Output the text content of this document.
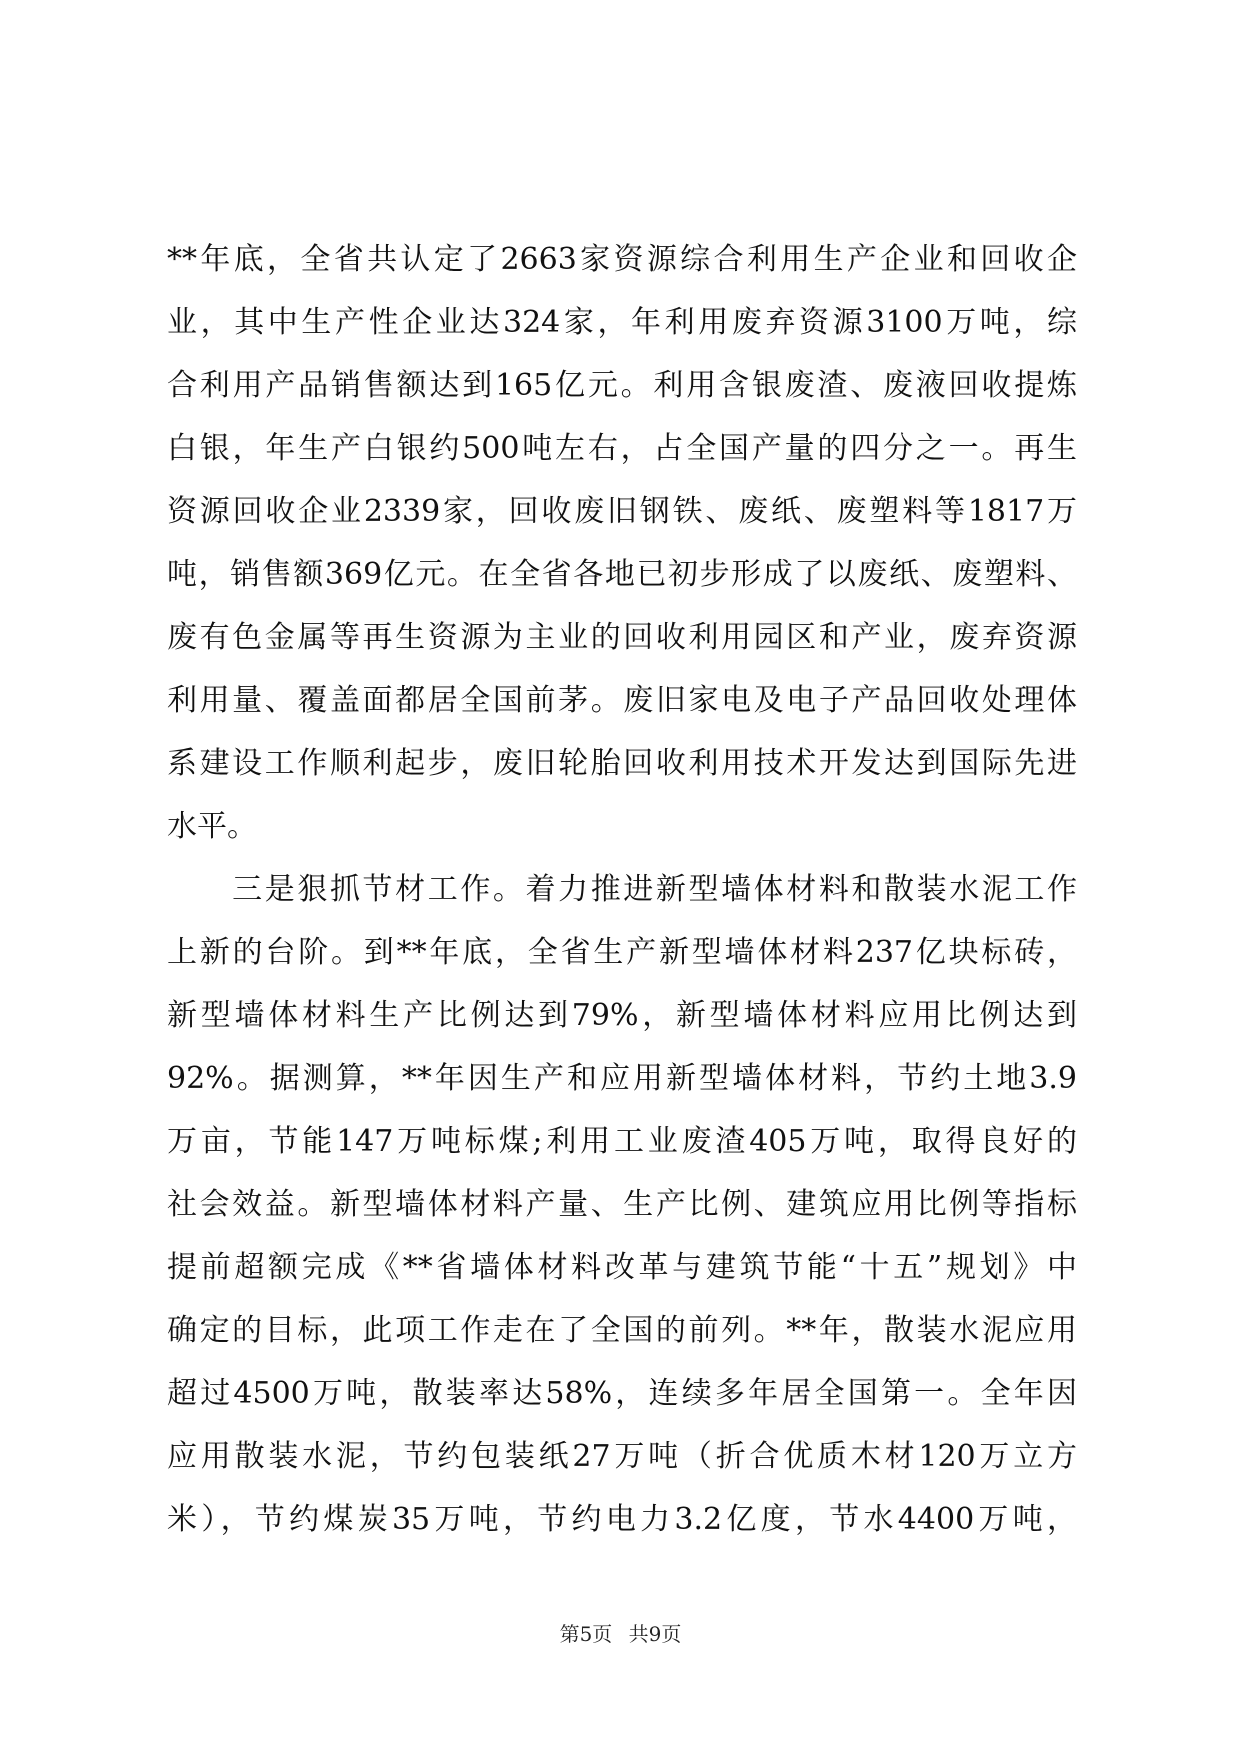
**年底，全省共认定了2663家资源综合利用生产企业和回收企
业，其中生产性企业达324家，年利用废弃资源3100万吨，综
合利用产品销售额达到165亿元。利用含银废渣、废液回收提炼
白银，年生产白银约500吨左右，占全国产量的四分之一。再生
资源回收企业2339家，回收废旧钢铁、废纸、废塑料等1817万
吨，销售额369亿元。在全省各地已初步形成了以废纸、废塑料、
废有色金属等再生资源为主业的回收利用园区和产业，废弃资源
利用量、覆盖面都居全国前茅。废旧家电及电子产品回收处理体
系建设工作顺利起步，废旧轮胎回收利用技术开发达到国际先进
水平。
　　三是狠抓节材工作。着力推进新型墙体材料和散装水泥工作
上新的台阶。到**年底，全省生产新型墙体材料237亿块标砖，
新型墙体材料生产比例达到79%，新型墙体材料应用比例达到
92%。据测算，**年因生产和应用新型墙体材料，节约土地3.9
万亩，节能147万吨标煤;利用工业废渣405万吨，取得良好的
社会效益。新型墙体材料产量、生产比例、建筑应用比例等指标
提前超额完成《**省墙体材料改革与建筑节能“十五”规划》中
确定的目标，此项工作走在了全国的前列。**年，散装水泥应用
超过4500万吨，散装率达58%，连续多年居全国第一。全年因
应用散装水泥，节约包装纸27万吨（折合优质木材120万立方
米），节约煤炭35万吨，节约电力3.2亿度，节水4400万吨，
第5页 共9页
